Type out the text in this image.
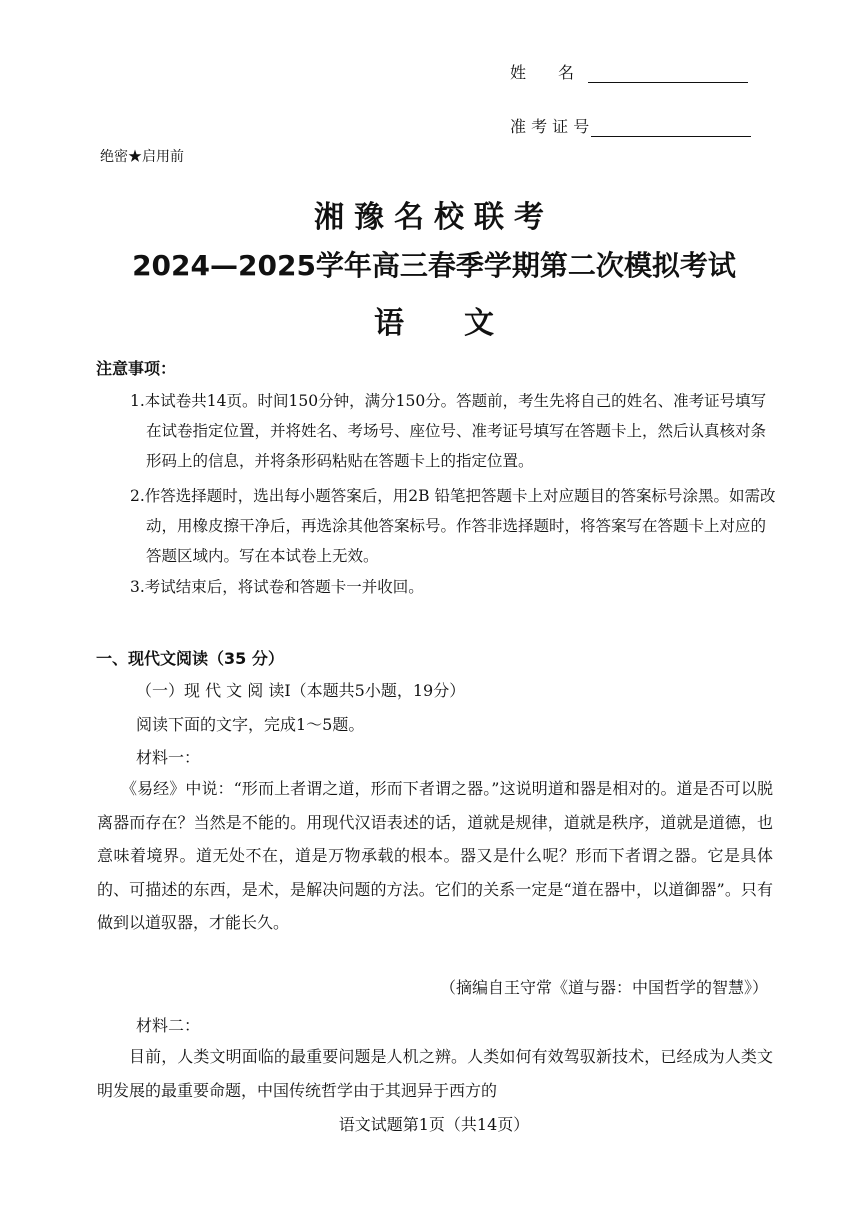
姓　　名
准 考 证 号
绝密★启用前
湘豫名校联考
2024—2025学年高三春季学期第二次模拟考试
语文
注意事项：
1.本试卷共14页。时间150分钟，满分150分。答题前，考生先将自己的姓名、准考证号填写在试卷指定位置，并将姓名、考场号、座位号、准考证号填写在答题卡上，然后认真核对条形码上的信息，并将条形码粘贴在答题卡上的指定位置。
2.作答选择题时，选出每小题答案后，用2B 铅笔把答题卡上对应题目的答案标号涂黑。如需改动，用橡皮擦干净后，再选涂其他答案标号。作答非选择题时，将答案写在答题卡上对应的答题区域内。写在本试卷上无效。
3.考试结束后，将试卷和答题卡一并收回。
一、现代文阅读（35 分）
（一）现 代 文 阅 读Ⅰ（本题共5小题，19分）
阅读下面的文字，完成1～5题。
材料一：
《易经》中说：“形而上者谓之道，形而下者谓之器。”这说明道和器是相对的。道是否可以脱离器而存在？当然是不能的。用现代汉语表述的话，道就是规律，道就是秩序，道就是道德，也意味着境界。道无处不在，道是万物承载的根本。器又是什么呢？形而下者谓之器。它是具体的、可描述的东西，是术，是解决问题的方法。它们的关系一定是“道在器中，以道御器”。只有做到以道驭器，才能长久。
（摘编自王守常《道与器：中国哲学的智慧》）
材料二：
目前，人类文明面临的最重要问题是人机之辨。人类如何有效驾驭新技术，已经成为人类文明发展的最重要命题，中国传统哲学由于其迥异于西方的
语文试题第1页（共14页）
